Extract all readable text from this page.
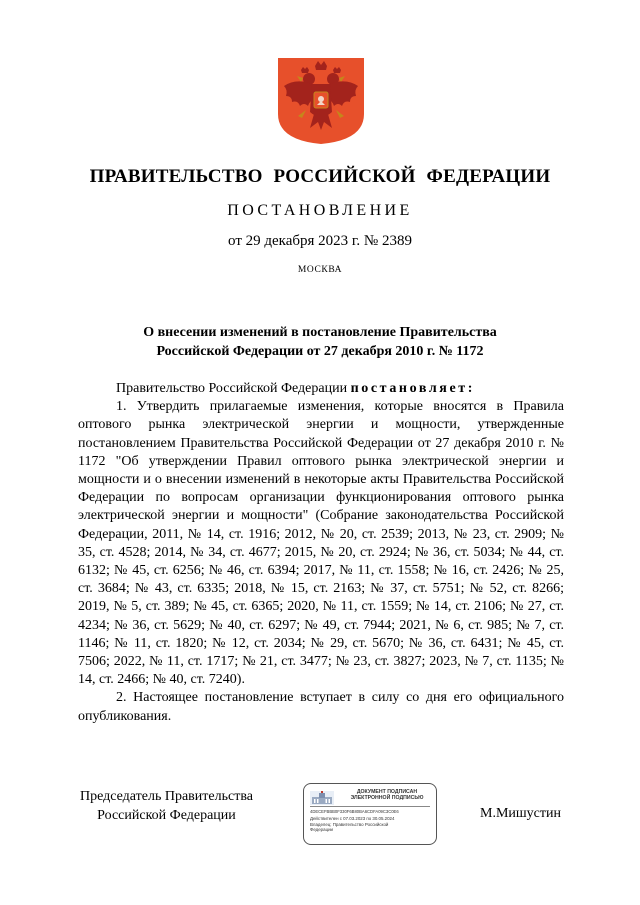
ПРАВИТЕЛЬСТВО РОССИЙСКОЙ ФЕДЕРАЦИИ
ПОСТАНОВЛЕНИЕ
от 29 декабря 2023 г. № 2389
МОСКВА
О внесении изменений в постановление Правительства
Российской Федерации от 27 декабря 2010 г. № 1172

Правительство Российской Федерации постановляет:

1. Утвердить прилагаемые изменения, которые вносятся в Правила оптового рынка электрической энергии и мощности, утвержденные постановлением Правительства Российской Федерации от 27 декабря 2010 г. № 1172 "Об утверждении Правил оптового рынка электрической энергии и мощности и о внесении изменений в некоторые акты Правительства Российской Федерации по вопросам организации функционирования оптового рынка электрической энергии и мощности" (Собрание законодательства Российской Федерации, 2011, № 14, ст. 1916; 2012, № 20, ст. 2539; 2013, № 23, ст. 2909; № 35, ст. 4528; 2014, № 34, ст. 4677; 2015, № 20, ст. 2924; № 36, ст. 5034; № 44, ст. 6132; № 45, ст. 6256; № 46, ст. 6394; 2017, № 11, ст. 1558; № 16, ст. 2426; № 25, ст. 3684; № 43, ст. 6335; 2018, № 15, ст. 2163; № 37, ст. 5751; № 52, ст. 8266; 2019, № 5, ст. 389; № 45, ст. 6365; 2020, № 11, ст. 1559; № 14, ст. 2106; № 27, ст. 4234; № 36, ст. 5629; № 40, ст. 6297; № 49, ст. 7944; 2021, № 6, ст. 985; № 7, ст. 1146; № 11, ст. 1820; № 12, ст. 2034; № 29, ст. 5670; № 36, ст. 6431; № 45, ст. 7506; 2022, № 11, ст. 1717; № 21, ст. 3477; № 23, ст. 3827; 2023, № 7, ст. 1135; № 14, ст. 2466; № 40, ст. 7240).

2. Настоящее постановление вступает в силу со дня его официального опубликования.

Председатель Правительства
Российской Федерации
ДОКУМЕНТ ПОДПИСАН
ЭЛЕКТРОННОЙ ПОДПИСЬЮ
4DECEFBBB0F330F6B80BA6CDFA09C3C0E6
Действителен с 07.03.2023 по 30.05.2024
Владелец: Правительство Российской
Федерации
М.Мишустин
